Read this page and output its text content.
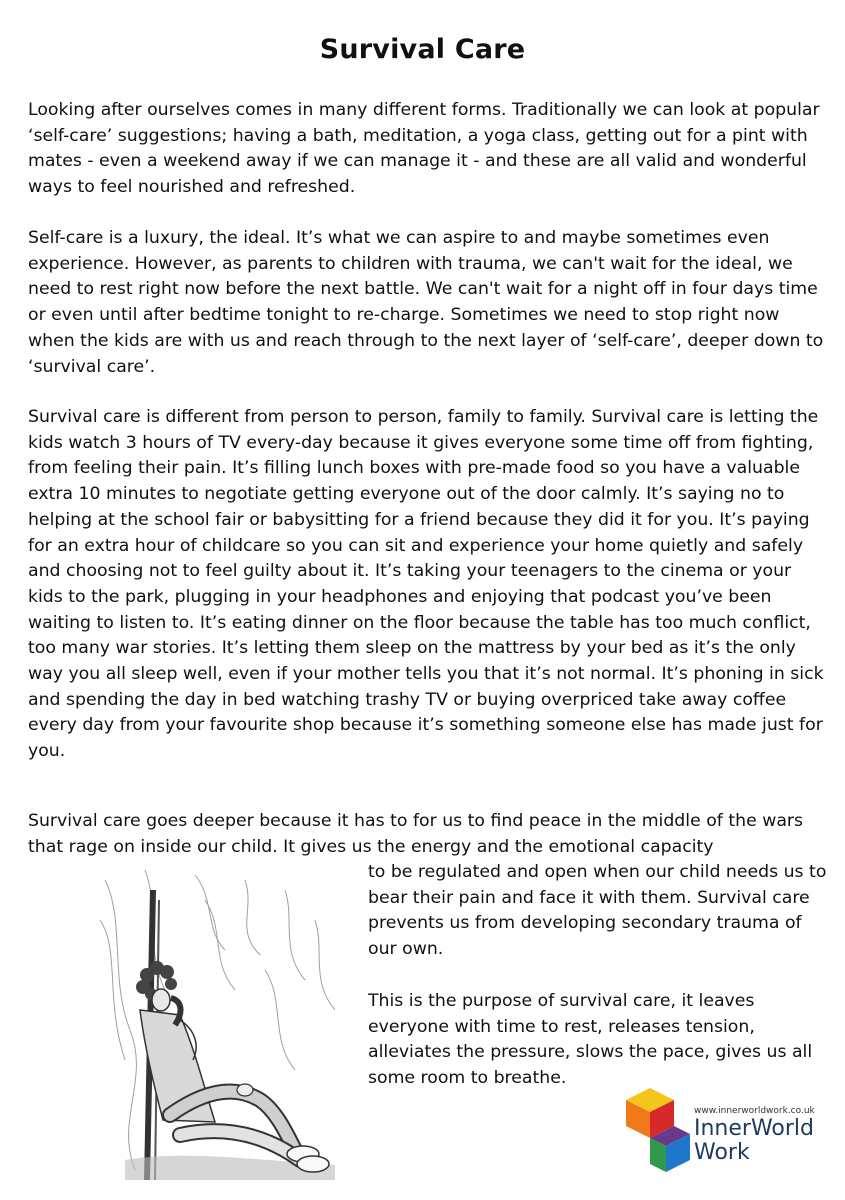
Survival Care

Looking after ourselves comes in many different forms. Traditionally we can look at popular ‘self-care’ suggestions; having a bath, meditation, a yoga class, getting out for a pint with mates - even a weekend away if we can manage it - and these are all valid and wonderful ways to feel nourished and refreshed.

Self-care is a luxury, the ideal. It’s what we can aspire to and maybe sometimes even experience. However, as parents to children with trauma, we can't wait for the ideal, we need to rest right now before the next battle. We can't wait for a night off in four days time or even until after bedtime tonight to re-charge. Sometimes we need to stop right now when the kids are with us and reach through to the next layer of ‘self-care’, deeper down to ‘survival care’.

Survival care is different from person to person, family to family. Survival care is letting the kids watch 3 hours of TV every-day because it gives everyone some time off from fighting, from feeling their pain. It’s filling lunch boxes with pre-made food so you have a valuable extra 10 minutes to negotiate getting everyone out of the door calmly. It’s saying no to helping at the school fair or babysitting for a friend because they did it for you. It’s paying for an extra hour of childcare so you can sit and experience your home quietly and safely and choosing not to feel guilty about it. It’s taking your teenagers to the cinema or your kids to the park, plugging in your headphones and enjoying that podcast you’ve been waiting to listen to. It’s eating dinner on the floor because the table has too much conflict, too many war stories. It’s letting them sleep on the mattress by your bed as it’s the only way you all sleep well, even if your mother tells you that it’s not normal. It’s phoning in sick and spending the day in bed watching trashy TV or buying overpriced take away coffee every day from your favourite shop because it’s something someone else has made just for you.

Survival care goes deeper because it has to for us to find peace in the middle of the wars that rage on inside our child. It gives us the energy and the emotional capacity

to be regulated and open when our child needs us to bear their pain and face it with them. Survival care prevents us from developing secondary trauma of our own.

This is the purpose of survival care, it leaves everyone with time to rest, releases tension, alleviates the pressure, slows the pace, gives us all some room to breathe.

www.innerworldwork.co.uk

InnerWorld
Work
